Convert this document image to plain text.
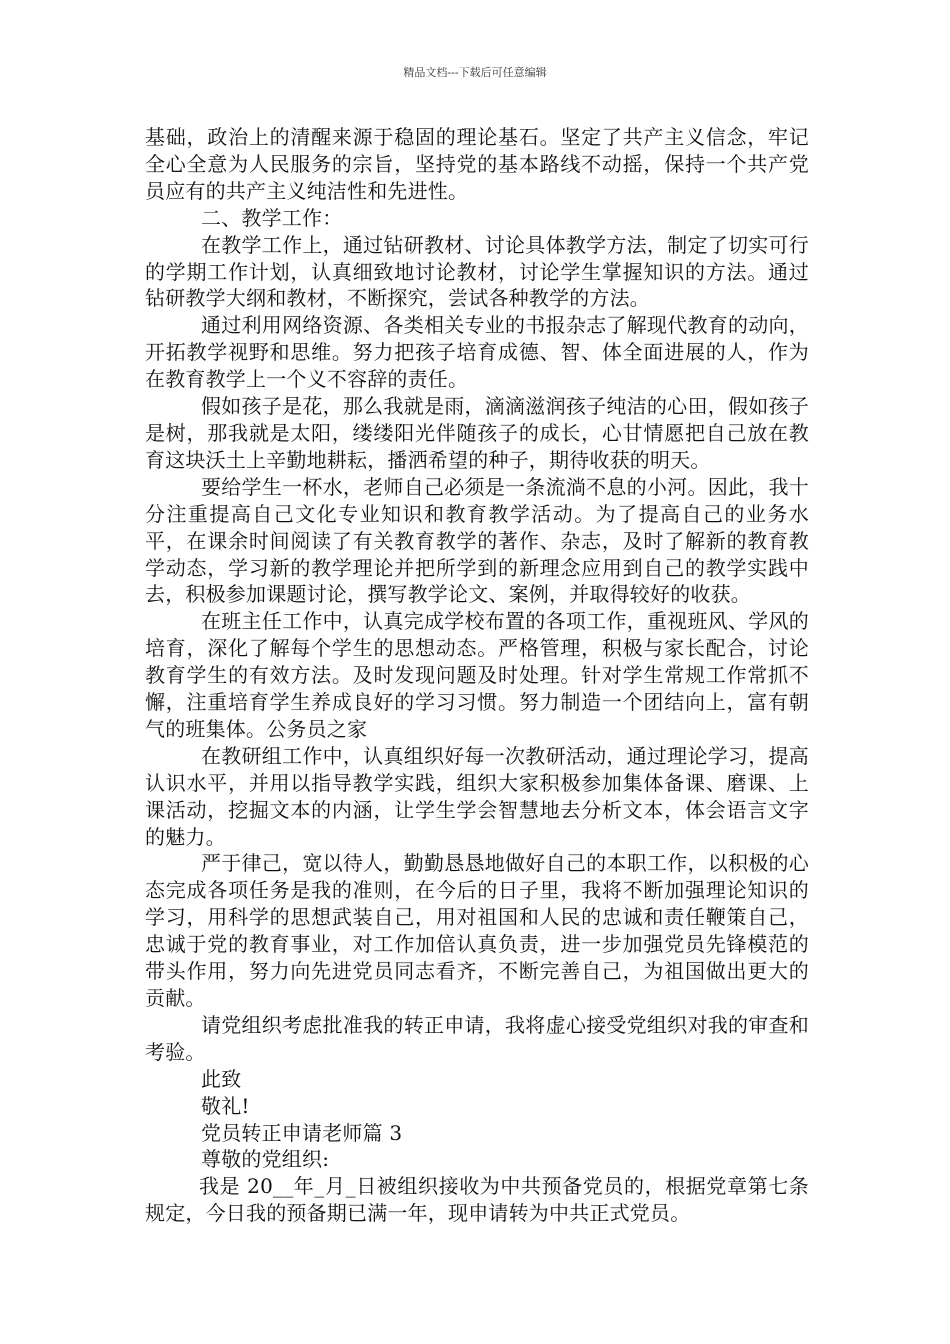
精品文档---下载后可任意编辑

基础，政治上的清醒来源于稳固的理论基石。坚定了共产主义信念，牢记全心全意为人民服务的宗旨，坚持党的基本路线不动摇，保持一个共产党员应有的共产主义纯洁性和先进性。

二、教学工作：

在教学工作上，通过钻研教材、讨论具体教学方法，制定了切实可行的学期工作计划，认真细致地讨论教材，讨论学生掌握知识的方法。通过钻研教学大纲和教材，不断探究，尝试各种教学的方法。

通过利用网络资源、各类相关专业的书报杂志了解现代教育的动向，开拓教学视野和思维。努力把孩子培育成德、智、体全面进展的人，作为在教育教学上一个义不容辞的责任。

假如孩子是花，那么我就是雨，滴滴滋润孩子纯洁的心田，假如孩子是树，那我就是太阳，缕缕阳光伴随孩子的成长，心甘情愿把自己放在教育这块沃土上辛勤地耕耘，播洒希望的种子，期待收获的明天。

要给学生一杯水，老师自己必须是一条流淌不息的小河。因此，我十分注重提高自己文化专业知识和教育教学活动。为了提高自己的业务水平，在课余时间阅读了有关教育教学的著作、杂志，及时了解新的教育教学动态，学习新的教学理论并把所学到的新理念应用到自己的教学实践中去，积极参加课题讨论，撰写教学论文、案例，并取得较好的收获。

在班主任工作中，认真完成学校布置的各项工作，重视班风、学风的培育，深化了解每个学生的思想动态。严格管理，积极与家长配合，讨论教育学生的有效方法。及时发现问题及时处理。针对学生常规工作常抓不懈，注重培育学生养成良好的学习习惯。努力制造一个团结向上，富有朝气的班集体。公务员之家

在教研组工作中，认真组织好每一次教研活动，通过理论学习，提高认识水平，并用以指导教学实践，组织大家积极参加集体备课、磨课、上课活动，挖掘文本的内涵，让学生学会智慧地去分析文本，体会语言文字的魅力。

严于律己，宽以待人，勤勤恳恳地做好自己的本职工作，以积极的心态完成各项任务是我的准则，在今后的日子里，我将不断加强理论知识的学习，用科学的思想武装自己，用对祖国和人民的忠诚和责任鞭策自己，忠诚于党的教育事业，对工作加倍认真负责，进一步加强党员先锋模范的带头作用，努力向先进党员同志看齐，不断完善自己，为祖国做出更大的贡献。

请党组织考虑批准我的转正申请，我将虚心接受党组织对我的审查和考验。

此致

敬礼!

党员转正申请老师篇 3

尊敬的党组织:

我是 20__年_月_日被组织接收为中共预备党员的，根据党章第七条规定，今日我的预备期已满一年，现申请转为中共正式党员。
